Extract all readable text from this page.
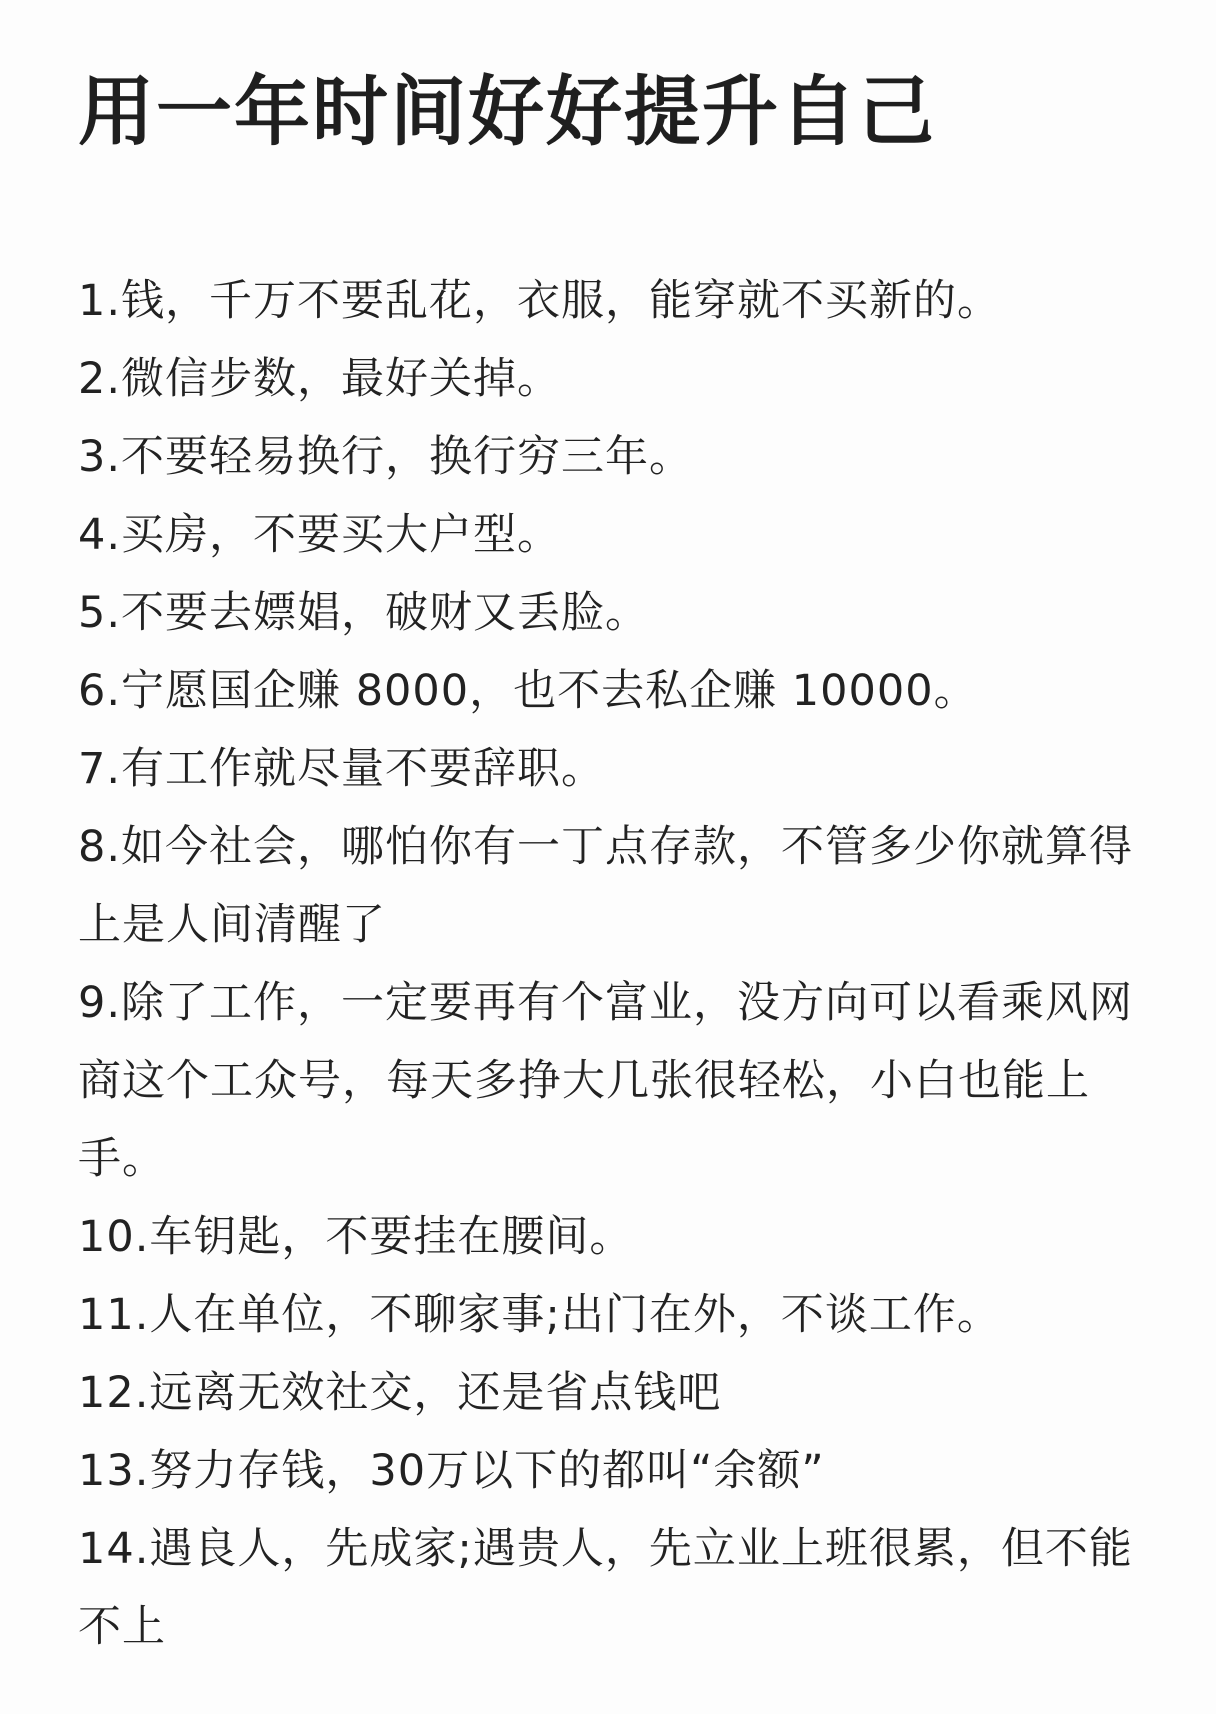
用一年时间好好提升自己
1.钱，千万不要乱花，衣服，能穿就不买新的。
2.微信步数，最好关掉。
3.不要轻易换行，换行穷三年。
4.买房，不要买大户型。
5.不要去嫖娼，破财又丢脸。
6.宁愿国企赚 8000，也不去私企赚 10000。
7.有工作就尽量不要辞职。
8.如今社会，哪怕你有一丁点存款，不管多少你就算得上是人间清醒了
9.除了工作，一定要再有个富业，没方向可以看乘风网商这个工众号，每天多挣大几张很轻松，小白也能上手。
10.车钥匙，不要挂在腰间。
11.人在单位，不聊家事;出门在外，不谈工作。
12.远离无效社交，还是省点钱吧
13.努力存钱，30万以下的都叫“余额”
14.遇良人，先成家;遇贵人，先立业上班很累，但不能不上
